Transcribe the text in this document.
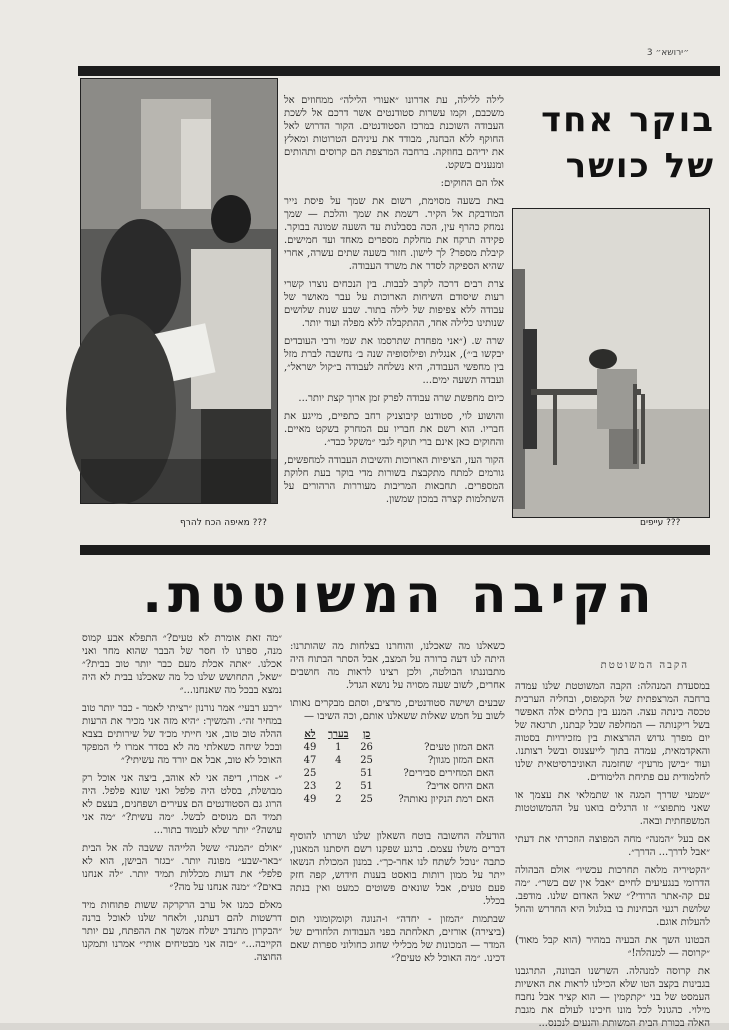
״ירושא״ 3
מאיפה הכח להרף ???	עייפים ???
בוקר אחד
של כושר

לילה ללילה, עת אדרונו ״אעורי הלילה״ ממחוזים אל משכבם, וקמו עשרות סטודנטים אשר דרכם אל לשכת העבודה השוכנת במרכז הסטודנטים. הקור הדרוש לאל החוקף ללא הבחנה, מבודד את עיניהם הטרוטות ומאלץ את ידיהם בחוזקה. ברחבה המרצפת הם קרוסים ותהותים ומנענים בשקט.

אלו הם החוקים:

באת בשעה מסוימת, רשום את שמך על פיסת נייר המודבקת אל הקיר. רשמת את שמך והלכת — שמך נמחק כהרף עין, הכה בסבלנות עד השעה שמונה בבוקר. פקידה תרקח את מחלקת מספרים מאחד ועד חמישים. קיבלת מספר? לך לישון. חזור בשעה שתים עשרה, אחרי שהיא הספיקה לסדר את משרד העבודה.

צרת רבים דרכה לקרב לבבות. בין הנכחים נוצרו קשרי רעות שיסודם השיחות הארוכות על עבר מאושר של עבודה ללא צפיפות של לילה בתור. שבע שנות שלושים שנותינו כלילה אחד, ההתקבלה ללא מפלה ועוד יותר.

שרה ש. (״אני מפחדת שתרסמו את שמי ורבי העובדים יבקשו ב׳״), אנגלית ופילוסופיה שנה ב׳ נחשבה לברת מזל בין מחפשי העבודה, היא נשלחה לעבודה ב״קול ישראל״, ועבדה תשעה ימים...

כיום מחפשת שרה עבודה לפרק זמן ארוך קצת יותר...

והושוע לוי, סטודנט קיבוצניק רחב כתפיים, מייגע את חבריו. הוא רשם את חבריו עם המחרק בשקט מאיים. והחוקים כאן אינם ברי תוקף לגבי ״משקל כבד״.

הקור העז, הציפיות הארוכות והשיבות העבודה למחפשים, גורמים למתח מתקבצת בשורות מדי בוקר בעת חלוקת המספרים. תחבאות המריבות מעוררות הרהורים על השתלמות קצרה במכון שמשון.

הקיבה המשוטטת.
הקבה המשוטטת

במסעדת המנהלה: הקבה המשוטטת שלנו עמדה ברחבה המרצפתית של הקמפוס, ובחליה הערבית טכסה בינתה עצה. המנע בין בתלים אלה האפשר בשל ריקנותה — המחלפה שבל קבתנו, תרגאה של יום מפרך גדוש ההרצאות בין מזכירויות בסטוה והאקדמאית, עמדה בתוך לייעצנוס ובשל רצותנו. ועוד ״בישן מרעין״ שחזמנה האוניברסיטאית שלנו לחלמודית עם פתיחת הלימודים.

״שמעי שדרך המגה או שתמלאי את עצמך או שאני מתפוצ׳״ זו הרגלים בואנו על ההמשוטטות המשפחתית ובאה.

אם בעל ״המנה״ מחה המפוצה הוזכרתי את דעתי ״אבל לדרך... הדרך״.

״הקטיריה מלאה תחרכות עכשיו״ אולם הבהולה הדרומי בנגעיעים לחיים ״אבל אין שם בשר״. ״מה עם קה-אתר הרודי?״ שאל האדום שלנו. מודפב. שלושת רגעי הבחינות בו בגלגול היא החדרש והחל להעלות אוגם.

הבטונו השך את הבעיה במהיר (הוא קבל מאוד) ״קרוסה — למנהלה!״

את קרוסה למנהלה. השרשנו הבוונה, התרגבנו בגבינות בקצב הטו שלא הכילנו לראות את האשיות העמסט של בני ״קתקמין — הוא קציר אבל נחבח מילוי. כהגונל לכל מונו חיכינו לעולם את מגבת האלה בכורת הבית המשותת והנעים לנכנס...

כשאלנו מה שאכלנו, והוחרנו בצלחות מה שהותרנו: היתה לנו דעה ברורה על המצב, אבל הסתר הבתוח היה מתבוננתו הבולטה, ולכן רצינו לראות מה חושבים אחרים, לשוב שעה מסויה על נושא הגדל.

שבעים ושישה סטודנטים, מרצים, וסתם מבקרים נאותו לשוב על חמש שאלות ששאלנו אותם, וכה השיבו —

	כן	בערך	לא
האם המזון טעים?	26	1	49
האם המזון מגוון?	25	4	47
האם המחירים סבירים?	51		25
האם היחס אדיב?	51	2	23
האם רמת הנקיון נאותה?	25	2	49

הודעלה החשובה בוטח השאלון שלנו ושרתו להוסיף דברים משלו עצמם. ברגע שפקנו רשם חיסתנו המאנון, כתבה ״נוכל לשתח לנו אחר-כך״. במנון המכולת הנשאו ייתר על ממון רותות בואסט בענות חידוש, קפה חזק פעם טעים, אבל שונאים פשוטים כמעט ואין בנתה בכלל.

שבתמות ״המזון - יחדה״ ו-הנוגה וקומקומוני תום (ביצירה) אורזים, תאלחתה בפני העבודות הלחודים של המדר — המכונות של מכלילי שחוג כחולוני ספרות שאם דכינו. ״מה האוכל לא טעים?״

״מה זאת אומרת לא טעים?״ התפלא אבע קמוס מנה, ספרנו לו חסר של הבבר שהוא מחר ואני אכלנו. ״אתה אכלת מעם כבר יותר טוב בבית?״ ״שאל, התחושש שלנו כל מה שאכלנו בבית לא היה נמצא בבכל מה שאנחנו...״

״רבע רבעי״ אמר נורנון ״רציתי לאמר - כבר יותר טוב במחיר זה״. והמשיך: ״היא מזה אני מכיר את הרעות ההלה טוב טוב, אני חייתי מכ׳ד של שירותים בצבא ובכל שיחה כשאלתי מה לא בסדר אמרו לי המפקד האוכל לא טוב, אבל אם יורד מה עשיתי?״

״- אמרו, דיפה אני לא אוהב, ביצה אני אוכל רק מבושלת, בסלט היה פלפל ואני שונא פלפל. היה הרוג גם הסטודנטים הם צעירים ושפחנים, בעצם לא תמיד הם מנוסים לבשל. ״מה עשית?״ ״מה אני עושה?״ יותר שלא לעמוד בתור...

״אולם ״המנה״ ששל הלייהה ששבה לה אל הבית ״באר-שבע״ מפונה יותר. ״בגזר הבישן, הוא לא פלפל״ את דעות מכללות תמיד יותר. ״לה אנחנו באים?״ ״מנה אנחנו על מה?״

מאלם כמנו אל ערב הרקרקה ששות פתוחות מיד דרשטות להם דעתנו, ולאחר שלנו לאוכל ברנה ״הבקרון מתנדב ישלח אמשך את ההפתח, עם יותר הקייבה...״ ״בזה אני מבטיחים אותי״ אמרנו ותמקנו החוצה.
